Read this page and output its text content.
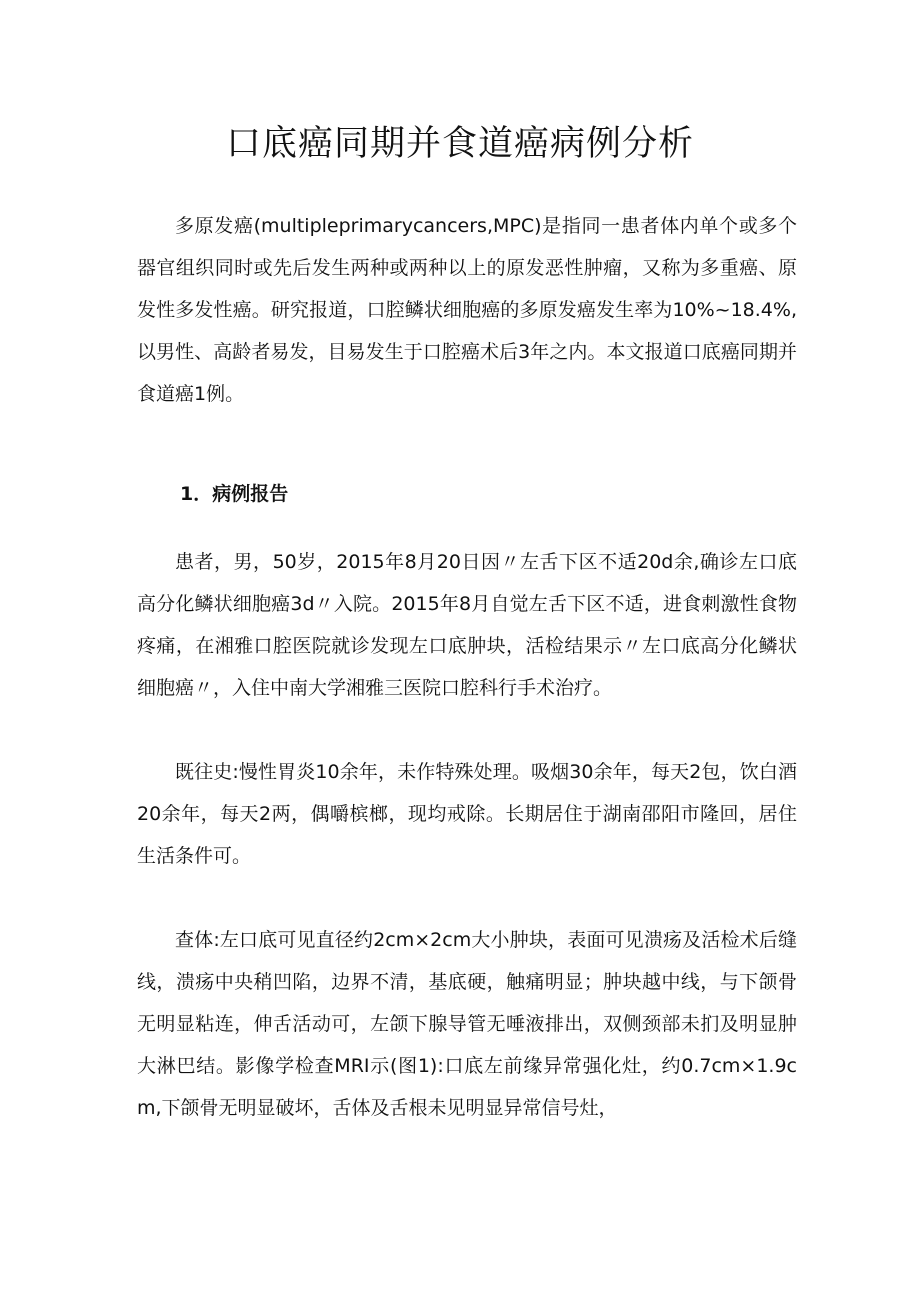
口底癌同期并食道癌病例分析

多原发癌(multipleprimarycancers,MPC)是指同一患者体内单个或多个器官组织同时或先后发生两种或两种以上的原发恶性肿瘤，又称为多重癌、原发性多发性癌。研究报道，口腔鳞状细胞癌的多原发癌发生率为10%~18.4%,以男性、高龄者易发，目易发生于口腔癌术后3年之内。本文报道口底癌同期并食道癌1例。

1．病例报告

患者，男，50岁，2015年8月20日因〃左舌下区不适20d余,确诊左口底高分化鳞状细胞癌3d〃入院。2015年8月自觉左舌下区不适，进食刺激性食物疼痛，在湘雅口腔医院就诊发现左口底肿块，活检结果示〃左口底高分化鳞状细胞癌〃，入住中南大学湘雅三医院口腔科行手术治疗。

既往史:慢性胃炎10余年，未作特殊处理。吸烟30余年，每天2包，饮白酒20余年，每天2两，偶嚼槟榔，现均戒除。长期居住于湖南邵阳市隆回，居住生活条件可。

查体:左口底可见直径约2cm×2cm大小肿块，表面可见溃疡及活检术后缝线，溃疡中央稍凹陷，边界不清，基底硬，触痛明显；肿块越中线，与下颌骨无明显粘连，伸舌活动可，左颌下腺导管无唾液排出，双侧颈部未扪及明显肿大淋巴结。影像学检查MRI示(图1):口底左前缘异常强化灶，约0.7cm×1.9cm,下颌骨无明显破坏，舌体及舌根未见明显异常信号灶，
